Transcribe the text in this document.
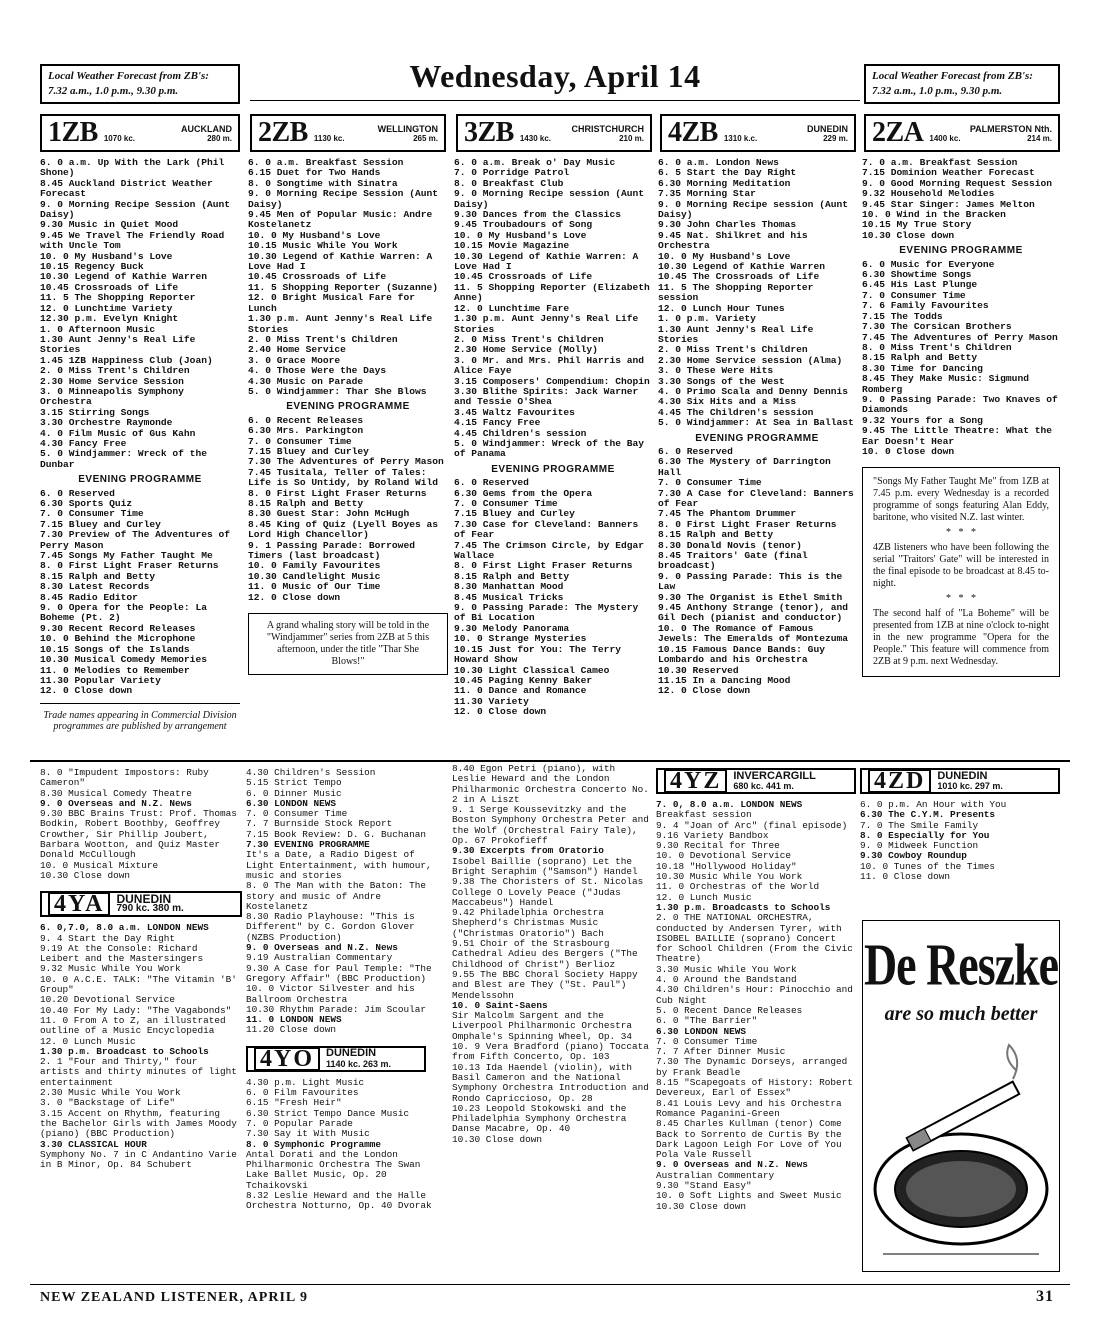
Local Weather Forecast from ZB's:
7.32 a.m., 1.0 p.m., 9.30 p.m.	Wednesday, April 14	Local Weather Forecast from ZB's:
7.32 a.m., 1.0 p.m., 9.30 p.m.
1ZB	AUCKLAND
1070 kc.	280 m. 2ZB	WELLINGTON
1130 kc.	265 m. 3ZB	CHRISTCHURCH
1430 kc.	210 m. 4ZB	DUNEDIN
1310 k.c.	229 m. 2ZA	PALMERSTON Nth.
1400 kc.	214 m.
6. 0 a.m. Up With the Lark (Phil Shone)
8.45 Auckland District Weather Forecast
9. 0 Morning Recipe Session (Aunt Daisy)
9.30 Music in Quiet Mood
9.45 We Travel The Friendly Road with Uncle Tom
10. 0 My Husband's Love
10.15 Regency Buck
10.30 Legend of Kathie Warren
10.45 Crossroads of Life
11. 5 The Shopping Reporter
12. 0 Lunchtime Variety
12.30 p.m. Evelyn Knight
1. 0 Afternoon Music
1.30 Aunt Jenny's Real Life Stories
1.45 1ZB Happiness Club (Joan)
2. 0 Miss Trent's Children
2.30 Home Service Session
3. 0 Minneapolis Symphony Orchestra
3.15 Stirring Songs
3.30 Orchestre Raymonde
4. 0 Film Music of Gus Kahn
4.30 Fancy Free
5. 0 Windjammer: Wreck of the Dunbar
EVENING PROGRAMME
6. 0 Reserved
6.30 Sports Quiz
7. 0 Consumer Time
7.15 Bluey and Curley
7.30 Preview of The Adventures of Perry Mason
7.45 Songs My Father Taught Me
8. 0 First Light Fraser Returns
8.15 Ralph and Betty
8.30 Latest Records
8.45 Radio Editor
9. 0 Opera for the People: La Boheme (Pt. 2)
9.30 Recent Record Releases
10. 0 Behind the Microphone
10.15 Songs of the Islands
10.30 Musical Comedy Memories
11. 0 Melodies to Remember
11.30 Popular Variety
12. 0 Close down
Trade names appearing in Commercial Division programmes are published by arrangement
6. 0 a.m. Breakfast Session
6.15 Duet for Two Hands
8. 0 Songtime with Sinatra
9. 0 Morning Recipe Session (Aunt Daisy)
9.45 Men of Popular Music: Andre Kostelanetz
10. 0 My Husband's Love
10.15 Music While You Work
10.30 Legend of Kathie Warren: A Love Had I
10.45 Crossroads of Life
11. 5 Shopping Reporter (Suzanne)
12. 0 Bright Musical Fare for Lunch
1.30 p.m. Aunt Jenny's Real Life Stories
2. 0 Miss Trent's Children
2.40 Home Service
3. 0 Grace Moore
4. 0 Those Were the Days
4.30 Music on Parade
5. 0 Windjammer: Thar She Blows
EVENING PROGRAMME
6. 0 Recent Releases
6.30 Mrs. Parkington
7. 0 Consumer Time
7.15 Bluey and Curley
7.30 The Adventures of Perry Mason
7.45 Tusitala, Teller of Tales: Life is So Untidy, by Roland Wild
8. 0 First Light Fraser Returns
8.15 Ralph and Betty
8.30 Guest Star: John McHugh
8.45 King of Quiz (Lyell Boyes as Lord High Chancellor)
9. 1 Passing Parade: Borrowed Timers (last broadcast)
10. 0 Family Favourites
10.30 Candlelight Music
11. 0 Music of Our Time
12. 0 Close down
A grand whaling story will be told in the "Windjammer" series from 2ZB at 5 this afternoon, under the title "Thar She Blows!"
6. 0 a.m. Break o' Day Music
7. 0 Porridge Patrol
8. 0 Breakfast Club
9. 0 Morning Recipe session (Aunt Daisy)
9.30 Dances from the Classics
9.45 Troubadours of Song
10. 0 My Husband's Love
10.15 Movie Magazine
10.30 Legend of Kathie Warren: A Love Had I
10.45 Crossroads of Life
11. 5 Shopping Reporter (Elizabeth Anne)
12. 0 Lunchtime Fare
1.30 p.m. Aunt Jenny's Real Life Stories
2. 0 Miss Trent's Children
2.30 Home Service (Molly)
3. 0 Mr. and Mrs. Phil Harris and Alice Faye
3.15 Composers' Compendium: Chopin
3.30 Blithe Spirits: Jack Warner and Tessie O'Shea
3.45 Waltz Favourites
4.15 Fancy Free
4.45 Children's session
5. 0 Windjammer: Wreck of the Bay of Panama
EVENING PROGRAMME
6. 0 Reserved
6.30 Gems from the Opera
7. 0 Consumer Time
7.15 Bluey and Curley
7.30 Case for Cleveland: Banners of Fear
7.45 The Crimson Circle, by Edgar Wallace
8. 0 First Light Fraser Returns
8.15 Ralph and Betty
8.30 Manhattan Mood
8.45 Musical Tricks
9. 0 Passing Parade: The Mystery of Bi Location
9.30 Melody Panorama
10. 0 Strange Mysteries
10.15 Just for You: The Terry Howard Show
10.30 Light Classical Cameo
10.45 Paging Kenny Baker
11. 0 Dance and Romance
11.30 Variety
12. 0 Close down
6. 0 a.m. London News
6. 5 Start the Day Right
6.30 Morning Meditation
7.35 Morning Star
9. 0 Morning Recipe session (Aunt Daisy)
9.30 John Charles Thomas
9.45 Nat. Shilkret and his Orchestra
10. 0 My Husband's Love
10.30 Legend of Kathie Warren
10.45 The Crossroads of Life
11. 5 The Shopping Reporter session
12. 0 Lunch Hour Tunes
1. 0 p.m. Variety
1.30 Aunt Jenny's Real Life Stories
2. 0 Miss Trent's Children
2.30 Home Service session (Alma)
3. 0 These Were Hits
3.30 Songs of the West
4. 0 Primo Scala and Denny Dennis
4.30 Six Hits and a Miss
4.45 The Children's session
5. 0 Windjammer: At Sea in Ballast
EVENING PROGRAMME
6. 0 Reserved
6.30 The Mystery of Darrington Hall
7. 0 Consumer Time
7.30 A Case for Cleveland: Banners of Fear
7.45 The Phantom Drummer
8. 0 First Light Fraser Returns
8.15 Ralph and Betty
8.30 Donald Novis (tenor)
8.45 Traitors' Gate (final broadcast)
9. 0 Passing Parade: This is the Law
9.30 The Organist is Ethel Smith
9.45 Anthony Strange (tenor), and Gil Dech (pianist and conductor)
10. 0 The Romance of Famous Jewels: The Emeralds of Montezuma
10.15 Famous Dance Bands: Guy Lombardo and his Orchestra
10.30 Reserved
11.15 In a Dancing Mood
12. 0 Close down
7. 0 a.m. Breakfast Session
7.15 Dominion Weather Forecast
9. 0 Good Morning Request Session
9.32 Household Melodies
9.45 Star Singer: James Melton
10. 0 Wind in the Bracken
10.15 My True Story
10.30 Close down
EVENING PROGRAMME
6. 0 Music for Everyone
6.30 Showtime Songs
6.45 His Last Plunge
7. 0 Consumer Time
7. 6 Family Favourites
7.15 The Todds
7.30 The Corsican Brothers
7.45 The Adventures of Perry Mason
8. 0 Miss Trent's Children
8.15 Ralph and Betty
8.30 Time for Dancing
8.45 They Make Music: Sigmund Romberg
9. 0 Passing Parade: Two Knaves of Diamonds
9.32 Yours for a Song
9.45 The Little Theatre: What the Ear Doesn't Hear
10. 0 Close down
"Songs My Father Taught Me" from 1ZB at 7.45 p.m. every Wednesday is a recorded programme of songs featuring Alan Eddy, baritone, who visited N.Z. last winter.
*   *   *
4ZB listeners who have been following the serial "Traitors' Gate" will be interested in the final episode to be broadcast at 8.45 to-night.
*   *   *
The second half of "La Boheme" will be presented from 1ZB at nine o'clock to-night in the new programme "Opera for the People." This feature will commence from 2ZB at 9 p.m. next Wednesday.
8. 0 "Impudent Impostors: Ruby Cameron"
8.30 Musical Comedy Theatre
9. 0 Overseas and N.Z. News
9.30 BBC Brains Trust: Prof. Thomas Bodkin, Robert Boothby, Geoffrey Crowther, Sir Phillip Joubert, Barbara Wootton, and Quiz Master Donald McCullough
10. 0 Musical Mixture
10.30 Close down
4YA	DUNEDIN
790 kc. 380 m.
6. 0,7.0, 8.0 a.m. LONDON NEWS
9. 4 Start the Day Right
9.19 At the Console: Richard Leibert and the Mastersingers
9.32 Music While You Work
10. 0 A.C.E. TALK: "The Vitamin 'B' Group"
10.20 Devotional Service
10.40 For My Lady: "The Vagabonds"
11. 0 From A to Z, an illustrated outline of a Music Encyclopedia
12. 0 Lunch Music
1.30 p.m. Broadcast to Schools
2. 1 "Four and Thirty," four artists and thirty minutes of light entertainment
2.30 Music While You Work
3. 0 "Backstage of Life"
3.15 Accent on Rhythm, featuring the Bachelor Girls with James Moody (piano) (BBC Production)
3.30 CLASSICAL HOUR
Symphony No. 7 in C Andantino Varie in B Minor, Op. 84 Schubert
4.30 Children's Session
5.15 Strict Tempo
6. 0 Dinner Music
6.30 LONDON NEWS
7. 0 Consumer Time
7. 7 Burnside Stock Report
7.15 Book Review: D. G. Buchanan
7.30 EVENING PROGRAMME
It's a Date, a Radio Digest of Light Entertainment, with humour, music and stories
8. 0 The Man with the Baton: The story and music of Andre Kostelanetz
8.30 Radio Playhouse: "This is Different" by C. Gordon Glover (NZBS Production)
9. 0 Overseas and N.Z. News
9.19 Australian Commentary
9.30 A Case for Paul Temple: "The Gregory Affair" (BBC Production)
10. 0 Victor Silvester and his Ballroom Orchestra
10.30 Rhythm Parade: Jim Scoular
11. 0 LONDON NEWS
11.20 Close down
4YO	DUNEDIN
1140 kc. 263 m.
4.30 p.m. Light Music
6. 0 Film Favourites
6.15 "Fresh Heir"
6.30 Strict Tempo Dance Music
7. 0 Popular Parade
7.30 Say it With Music
8. 0 Symphonic Programme
Antal Dorati and the London Philharmonic Orchestra The Swan Lake Ballet Music, Op. 20 Tchaikovski
8.32 Leslie Heward and the Halle Orchestra Notturno, Op. 40 Dvorak
8.40 Egon Petri (piano), with Leslie Heward and the London Philharmonic Orchestra Concerto No. 2 in A Liszt
9. 1 Serge Koussevitzky and the Boston Symphony Orchestra Peter and the Wolf (Orchestral Fairy Tale), Op. 67 Prokofieff
9.30 Excerpts from Oratorio
Isobel Baillie (soprano) Let the Bright Seraphim ("Samson") Handel
9.38 The Choristers of St. Nicolas College O Lovely Peace ("Judas Maccabeus") Handel
9.42 Philadelphia Orchestra Shepherd's Christmas Music ("Christmas Oratorio") Bach
9.51 Choir of the Strasbourg Cathedral Adieu des Bergers ("The Childhood of Christ") Berlioz
9.55 The BBC Choral Society Happy and Blest are They ("St. Paul") Mendelssohn
10. 0 Saint-Saens
Sir Malcolm Sargent and the Liverpool Philharmonic Orchestra Omphale's Spinning Wheel, Op. 34
10. 9 Vera Bradford (piano) Toccata from Fifth Concerto, Op. 103
10.13 Ida Haendel (violin), with Basil Cameron and the National Symphony Orchestra Introduction and Rondo Capriccioso, Op. 28
10.23 Leopold Stokowski and the Philadelphia Symphony Orchestra Danse Macabre, Op. 40
10.30 Close down
4YZ	INVERCARGILL
680 kc. 441 m.
7. 0, 8.0 a.m. LONDON NEWS
Breakfast session
9. 4 "Joan of Arc" (final episode)
9.16 Variety Bandbox
9.30 Recital for Three
10. 0 Devotional Service
10.18 "Hollywood Holiday"
10.30 Music While You Work
11. 0 Orchestras of the World
12. 0 Lunch Music
1.30 p.m. Broadcasts to Schools
2. 0 THE NATIONAL ORCHESTRA, conducted by Andersen Tyrer, with ISOBEL BAILLIE (soprano) Concert for School Children (From the Civic Theatre)
3.30 Music While You Work
4. 0 Around the Bandstand
4.30 Children's Hour: Pinocchio and Cub Night
5. 0 Recent Dance Releases
6. 0 "The Barrier"
6.30 LONDON NEWS
7. 0 Consumer Time
7. 7 After Dinner Music
7.30 The Dynamic Dorseys, arranged by Frank Beadle
8.15 "Scapegoats of History: Robert Devereux, Earl of Essex"
8.41 Louis Levy and his Orchestra Romance Paganini-Green
8.45 Charles Kullman (tenor) Come Back to Sorrento de Curtis By the Dark Lagoon Leigh For Love of You Pola Vale Russell
9. 0 Overseas and N.Z. News
Australian Commentary
9.30 "Stand Easy"
10. 0 Soft Lights and Sweet Music
10.30 Close down
4ZD	DUNEDIN
1010 kc. 297 m.
6. 0 p.m. An Hour with You
6.30 The C.Y.M. Presents
7. 0 The Smile Family
8. 0 Especially for You
9. 0 Midweek Function
9.30 Cowboy Roundup
10. 0 Tunes of the Times
11. 0 Close down
De Reszke
are so much better
NEW ZEALAND LISTENER, APRIL 9	31
